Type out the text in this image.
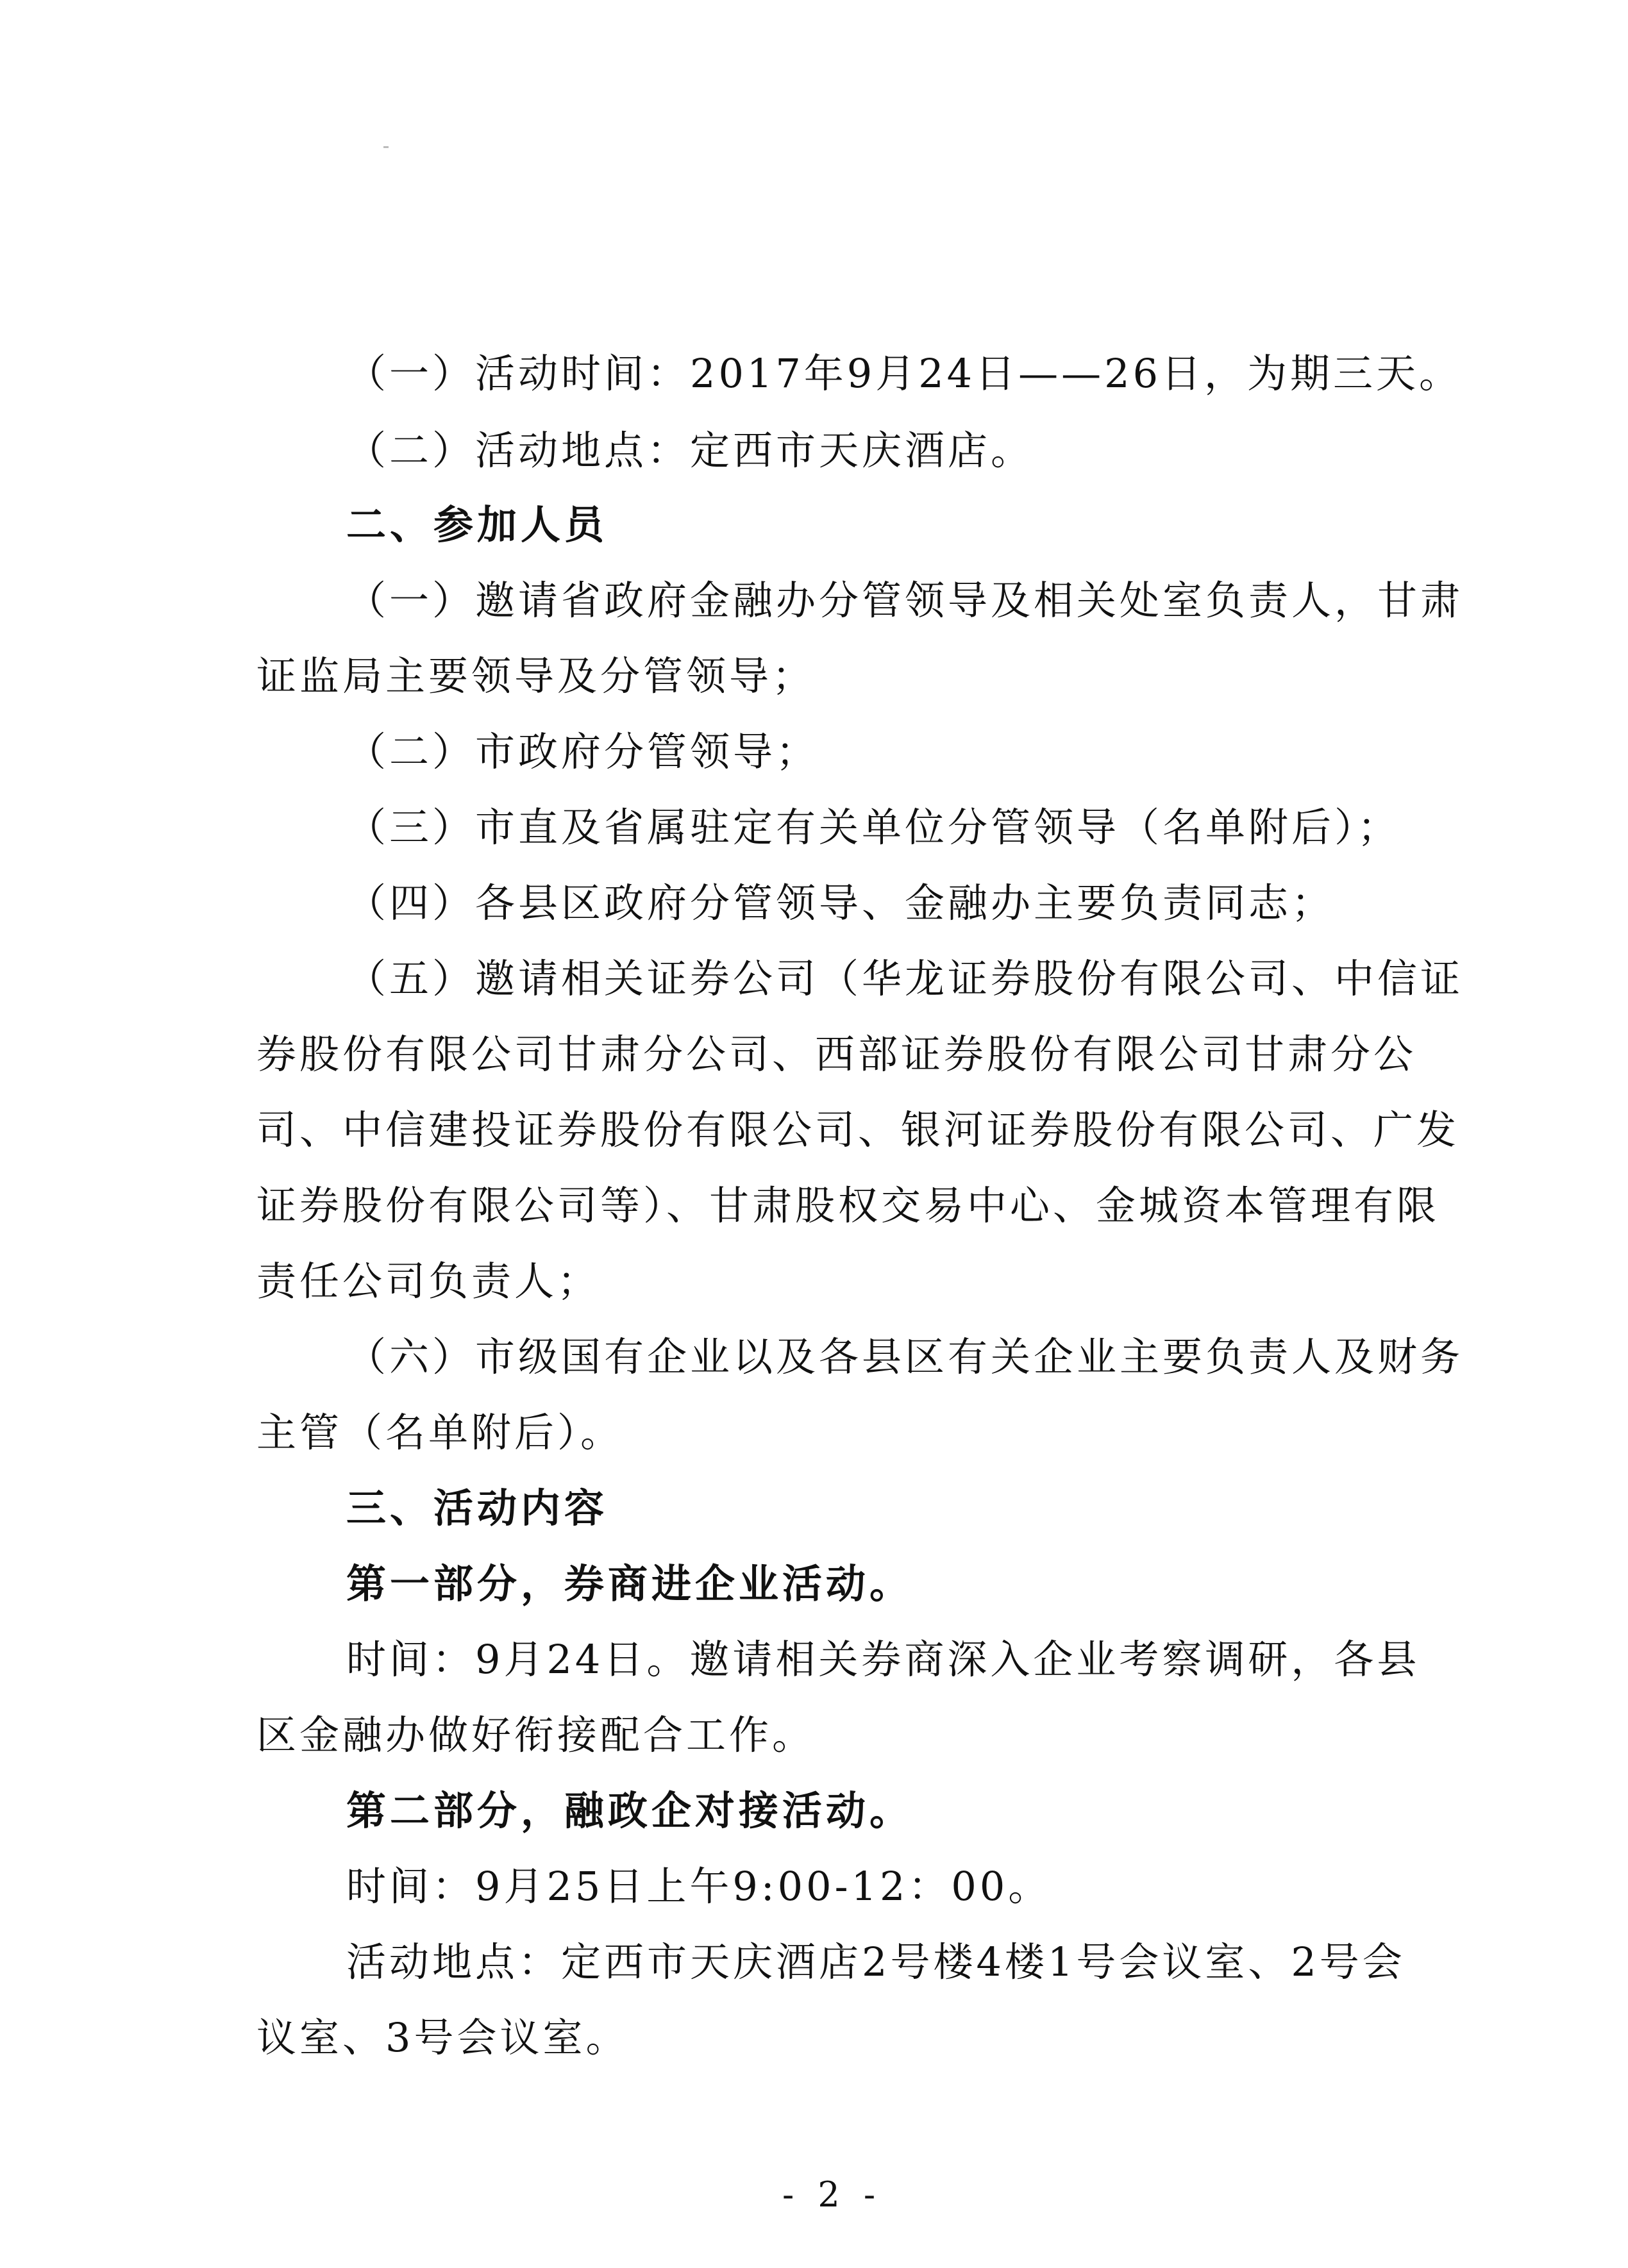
（一）活动时间：2017年9月24日——26日，为期三天。
（二）活动地点：定西市天庆酒店。
二、参加人员
（一）邀请省政府金融办分管领导及相关处室负责人，甘肃
证监局主要领导及分管领导；
（二）市政府分管领导；
（三）市直及省属驻定有关单位分管领导（名单附后）；
（四）各县区政府分管领导、金融办主要负责同志；
（五）邀请相关证券公司（华龙证券股份有限公司、中信证
券股份有限公司甘肃分公司、西部证券股份有限公司甘肃分公
司、中信建投证券股份有限公司、银河证券股份有限公司、广发
证券股份有限公司等）、甘肃股权交易中心、金城资本管理有限
责任公司负责人；
（六）市级国有企业以及各县区有关企业主要负责人及财务
主管（名单附后）。
三、活动内容
第一部分，券商进企业活动。
时间：9月24日。邀请相关券商深入企业考察调研，各县
区金融办做好衔接配合工作。
第二部分，融政企对接活动。
时间：9月25日上午9:00-12：00。
活动地点：定西市天庆酒店2号楼4楼1号会议室、2号会
议室、3号会议室。
- 2 -
